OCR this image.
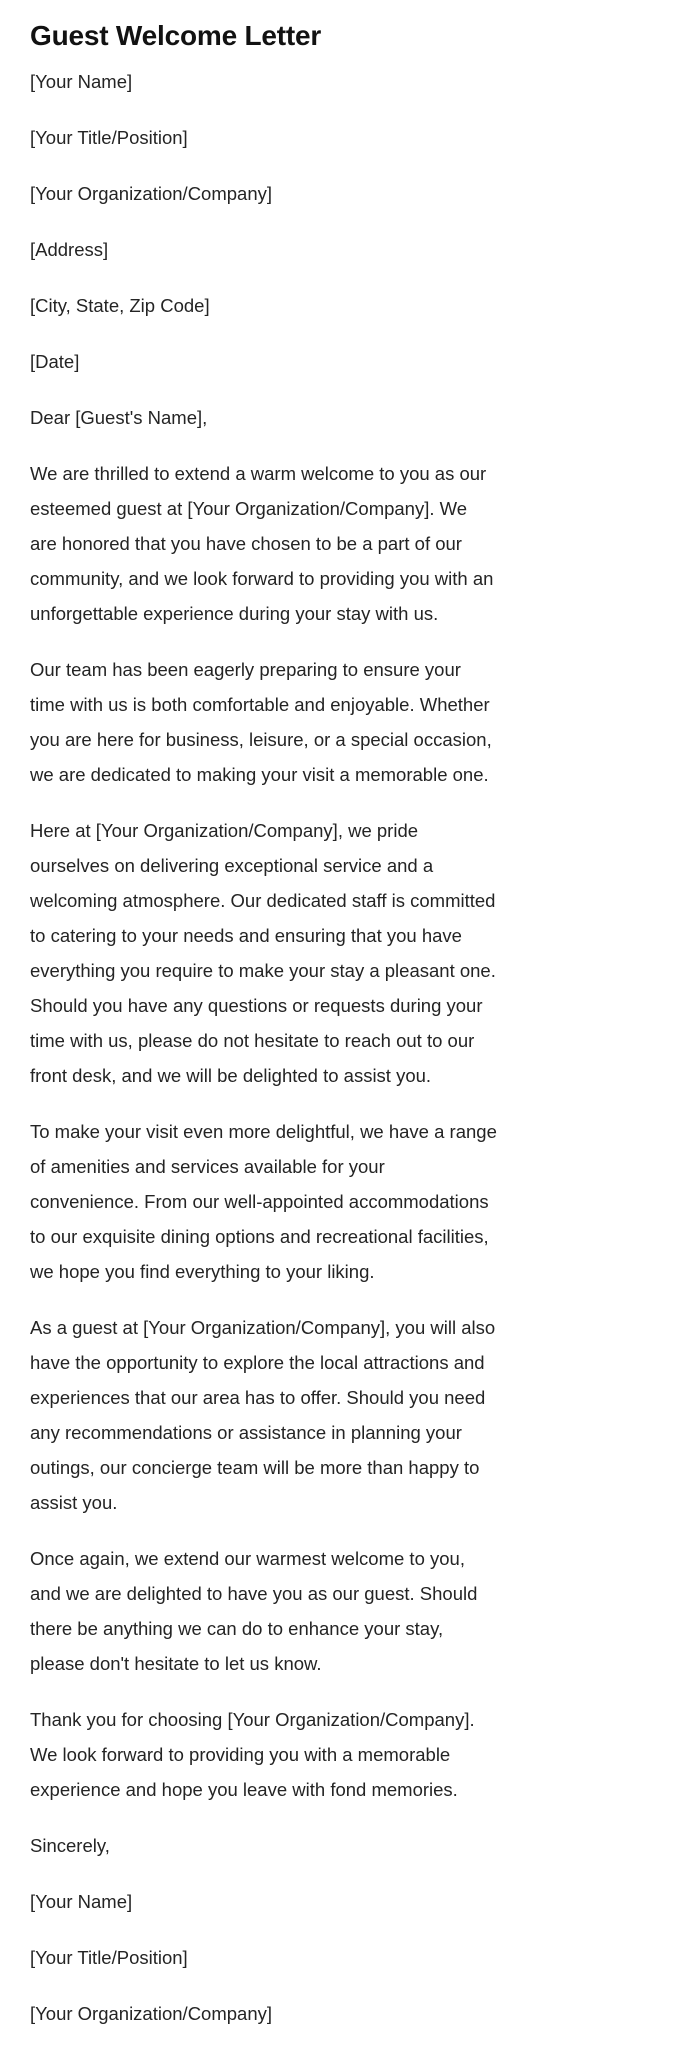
Guest Welcome Letter

[Your Name]

[Your Title/Position]

[Your Organization/Company]

[Address]

[City, State, Zip Code]

[Date]

Dear [Guest's Name],

We are thrilled to extend a warm welcome to you as our esteemed guest at [Your Organization/Company]. We are honored that you have chosen to be a part of our community, and we look forward to providing you with an unforgettable experience during your stay with us.

Our team has been eagerly preparing to ensure your time with us is both comfortable and enjoyable. Whether you are here for business, leisure, or a special occasion, we are dedicated to making your visit a memorable one.

Here at [Your Organization/Company], we pride ourselves on delivering exceptional service and a welcoming atmosphere. Our dedicated staff is committed to catering to your needs and ensuring that you have everything you require to make your stay a pleasant one. Should you have any questions or requests during your time with us, please do not hesitate to reach out to our front desk, and we will be delighted to assist you.

To make your visit even more delightful, we have a range of amenities and services available for your convenience. From our well-appointed accommodations to our exquisite dining options and recreational facilities, we hope you find everything to your liking.

As a guest at [Your Organization/Company], you will also have the opportunity to explore the local attractions and experiences that our area has to offer. Should you need any recommendations or assistance in planning your outings, our concierge team will be more than happy to assist you.

Once again, we extend our warmest welcome to you, and we are delighted to have you as our guest. Should there be anything we can do to enhance your stay, please don't hesitate to let us know.

Thank you for choosing [Your Organization/Company]. We look forward to providing you with a memorable experience and hope you leave with fond memories.

Sincerely,

[Your Name]

[Your Title/Position]

[Your Organization/Company]
